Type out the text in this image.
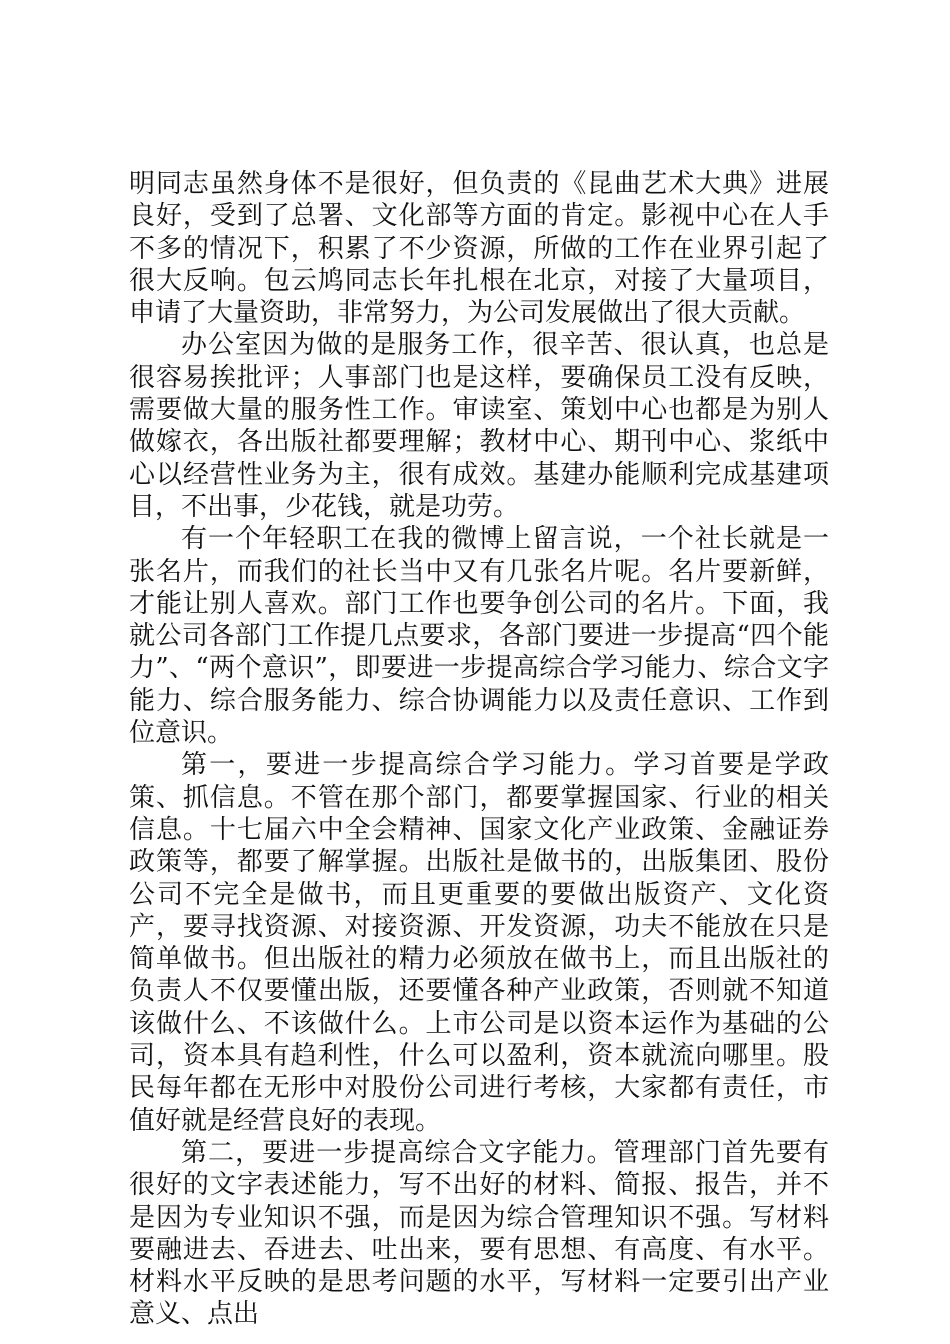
明同志虽然身体不是很好，但负责的《昆曲艺术大典》进展良好，受到了总署、文化部等方面的肯定。影视中心在人手不多的情况下，积累了不少资源，所做的工作在业界引起了很大反响。包云鸠同志长年扎根在北京，对接了大量项目，申请了大量资助，非常努力，为公司发展做出了很大贡献。

办公室因为做的是服务工作，很辛苦、很认真，也总是很容易挨批评；人事部门也是这样，要确保员工没有反映，需要做大量的服务性工作。审读室、策划中心也都是为别人做嫁衣，各出版社都要理解；教材中心、期刊中心、浆纸中心以经营性业务为主，很有成效。基建办能顺利完成基建项目，不出事，少花钱，就是功劳。

有一个年轻职工在我的微博上留言说，一个社长就是一张名片，而我们的社长当中又有几张名片呢。名片要新鲜，才能让别人喜欢。部门工作也要争创公司的名片。下面，我就公司各部门工作提几点要求，各部门要进一步提高“四个能力”、“两个意识”，即要进一步提高综合学习能力、综合文字能力、综合服务能力、综合协调能力以及责任意识、工作到位意识。

第一，要进一步提高综合学习能力。学习首要是学政策、抓信息。不管在那个部门，都要掌握国家、行业的相关信息。十七届六中全会精神、国家文化产业政策、金融证券政策等，都要了解掌握。出版社是做书的，出版集团、股份公司不完全是做书，而且更重要的要做出版资产、文化资产，要寻找资源、对接资源、开发资源，功夫不能放在只是简单做书。但出版社的精力必须放在做书上，而且出版社的负责人不仅要懂出版，还要懂各种产业政策，否则就不知道该做什么、不该做什么。上市公司是以资本运作为基础的公司，资本具有趋利性，什么可以盈利，资本就流向哪里。股民每年都在无形中对股份公司进行考核，大家都有责任，市值好就是经营良好的表现。

第二，要进一步提高综合文字能力。管理部门首先要有很好的文字表述能力，写不出好的材料、简报、报告，并不是因为专业知识不强，而是因为综合管理知识不强。写材料要融进去、吞进去、吐出来，要有思想、有高度、有水平。材料水平反映的是思考问题的水平，写材料一定要引出产业意义、点出
